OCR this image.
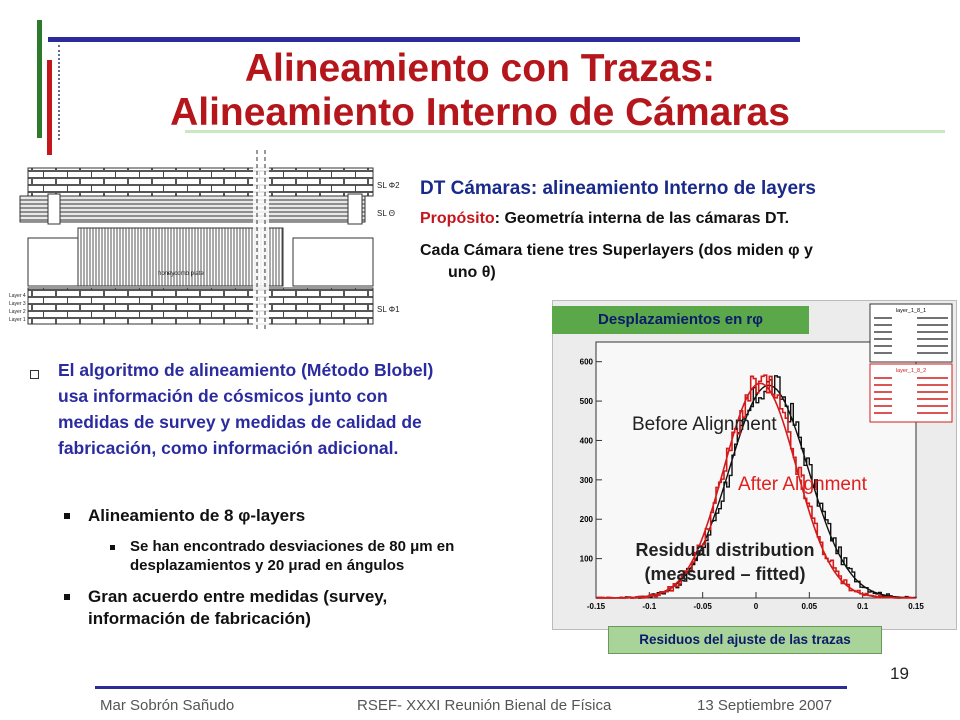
Alineamiento con Trazas:
Alineamiento Interno de Cámaras
honeycomb plate
SL Φ2
SL Θ
SL Φ1
Layer 4
Layer 3
Layer 2
Layer 1
DT Cámaras: alineamiento Interno de layers
Propósito: Geometría interna de las cámaras DT.
Cada Cámara tiene tres Superlayers (dos miden φ y
uno θ)
El algoritmo de alineamiento (Método Blobel)
usa información de cósmicos junto con
medidas de survey y medidas de calidad de
fabricación, como información adicional.
Alineamiento de 8 φ-layers
Se han encontrado desviaciones de 80 μm en
desplazamientos y 20 μrad en ángulos
Gran acuerdo entre medidas (survey,
información de fabricación)
-0.15	-0.1	-0.05	0	0.05	0.1	0.15
100
200
300
400
500
600
layer_1_8_1
layer_1_8_2
Desplazamientos en rφ
Before Alignment
After Alignment
Residual distribution
(measured – fitted)
Residuos del ajuste de las trazas
19
Mar Sobrón Sañudo	RSEF- XXXI Reunión Bienal de Física	13 Septiembre 2007
